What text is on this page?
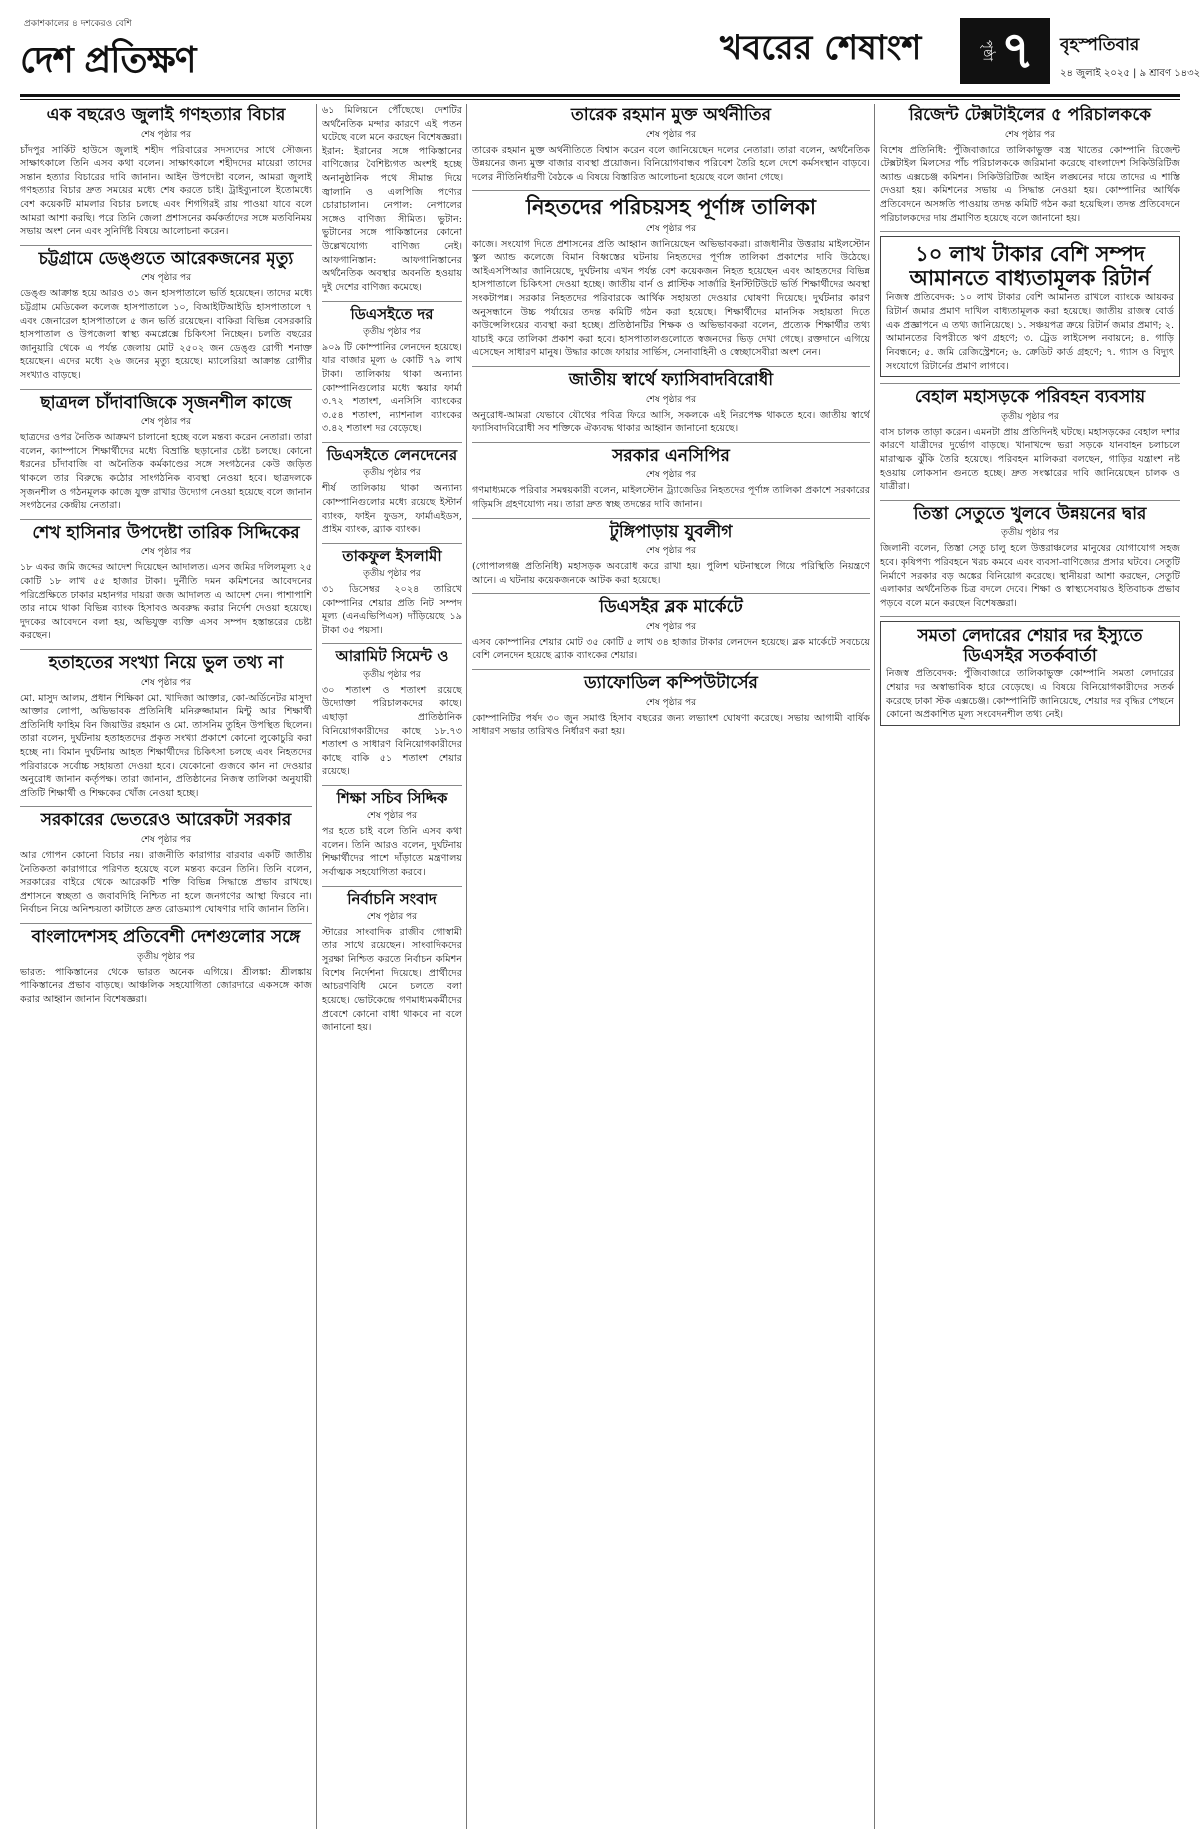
প্রকাশকালের ৪ দশকেরও বেশি
দেশ প্রতিক্ষণ	খবরের শেষাংশ	পৃষ্ঠা ৭ বৃহস্পতিবার
২৪ জুলাই ২০২৫ | ৯ শ্রাবণ ১৪৩২
এক বছরেও জুলাই গণহত্যার বিচার
শেষ পৃষ্ঠার পর

চাঁদপুর সার্কিট হাউসে জুলাই শহীদ পরিবারের সদস্যদের সাথে সৌজন্য সাক্ষাৎকালে তিনি এসব কথা বলেন। সাক্ষাৎকালে শহীদদের মায়েরা তাদের সন্তান হত্যার বিচারের দাবি জানান। আইন উপদেষ্টা বলেন, আমরা জুলাই গণহত্যার বিচার দ্রুত সময়ের মধ্যে শেষ করতে চাই। ট্রাইব্যুনালে ইতোমধ্যে বেশ কয়েকটি মামলার বিচার চলছে এবং শিগগিরই রায় পাওয়া যাবে বলে আমরা আশা করছি। পরে তিনি জেলা প্রশাসনের কর্মকর্তাদের সঙ্গে মতবিনিময় সভায় অংশ নেন এবং সুনির্দিষ্ট বিষয়ে আলোচনা করেন।

চট্টগ্রামে ডেঙ্গুতে আরেকজনের মৃত্যু
শেষ পৃষ্ঠার পর

ডেঙ্গু আক্রান্ত হয়ে আরও ৩১ জন হাসপাতালে ভর্তি হয়েছেন। তাদের মধ্যে চট্টগ্রাম মেডিকেল কলেজ হাসপাতালে ১০, বিআইটিআইডি হাসপাতালে ৭ এবং জেনারেল হাসপাতালে ৫ জন ভর্তি রয়েছেন। বাকিরা বিভিন্ন বেসরকারি হাসপাতাল ও উপজেলা স্বাস্থ্য কমপ্লেক্সে চিকিৎসা নিচ্ছেন। চলতি বছরের জানুয়ারি থেকে এ পর্যন্ত জেলায় মোট ২৫০২ জন ডেঙ্গু রোগী শনাক্ত হয়েছেন। এদের মধ্যে ২৬ জনের মৃত্যু হয়েছে। ম্যালেরিয়া আক্রান্ত রোগীর সংখ্যাও বাড়ছে।

ছাত্রদল চাঁদাবাজিকে সৃজনশীল কাজে
শেষ পৃষ্ঠার পর

ছাত্রদের ওপর নৈতিক আক্রমণ চালানো হচ্ছে বলে মন্তব্য করেন নেতারা। তারা বলেন, ক্যাম্পাসে শিক্ষার্থীদের মধ্যে বিভ্রান্তি ছড়ানোর চেষ্টা চলছে। কোনো ধরনের চাঁদাবাজি বা অনৈতিক কর্মকাণ্ডের সঙ্গে সংগঠনের কেউ জড়িত থাকলে তার বিরুদ্ধে কঠোর সাংগঠনিক ব্যবস্থা নেওয়া হবে। ছাত্রদলকে সৃজনশীল ও গঠনমূলক কাজে যুক্ত রাখার উদ্যোগ নেওয়া হয়েছে বলে জানান সংগঠনের কেন্দ্রীয় নেতারা।

শেখ হাসিনার উপদেষ্টা তারিক সিদ্দিকের
শেষ পৃষ্ঠার পর

১৮ একর জমি জব্দের আদেশ দিয়েছেন আদালত। এসব জমির দলিলমূল্য ২৫ কোটি ১৮ লাখ ৫৫ হাজার টাকা। দুর্নীতি দমন কমিশনের আবেদনের পরিপ্রেক্ষিতে ঢাকার মহানগর দায়রা জজ আদালত এ আদেশ দেন। পাশাপাশি তার নামে থাকা বিভিন্ন ব্যাংক হিসাবও অবরুদ্ধ করার নির্দেশ দেওয়া হয়েছে। দুদকের আবেদনে বলা হয়, অভিযুক্ত ব্যক্তি এসব সম্পদ হস্তান্তরের চেষ্টা করছেন।

হতাহতের সংখ্যা নিয়ে ভুল তথ্য না
শেষ পৃষ্ঠার পর

মো. মাসুদ আলম, প্রধান শিক্ষিকা মো. খাদিজা আক্তার, কো-অর্ডিনেটর মাসুদা আক্তার লোপা, অভিভাবক প্রতিনিধি মনিরুজ্জামান মিন্টু আর শিক্ষার্থী প্রতিনিধি ফাহিম বিন জিয়াউর রহমান ও মো. তাসনিম তুহিন উপস্থিত ছিলেন। তারা বলেন, দুর্ঘটনায় হতাহতদের প্রকৃত সংখ্যা প্রকাশে কোনো লুকোচুরি করা হচ্ছে না। বিমান দুর্ঘটনায় আহত শিক্ষার্থীদের চিকিৎসা চলছে এবং নিহতদের পরিবারকে সর্বোচ্চ সহায়তা দেওয়া হবে। যেকোনো গুজবে কান না দেওয়ার অনুরোধ জানান কর্তৃপক্ষ। তারা জানান, প্রতিষ্ঠানের নিজস্ব তালিকা অনুযায়ী প্রতিটি শিক্ষার্থী ও শিক্ষকের খোঁজ নেওয়া হচ্ছে।

সরকারের ভেতরেও আরেকটা সরকার
শেষ পৃষ্ঠার পর

আর গোপন কোনো বিচার নয়। রাজনীতি কারাগার বারবার একটি জাতীয় নৈতিকতা কারাগারে পরিণত হয়েছে বলে মন্তব্য করেন তিনি। তিনি বলেন, সরকারের বাইরে থেকে আরেকটি শক্তি বিভিন্ন সিদ্ধান্তে প্রভাব রাখছে। প্রশাসনে স্বচ্ছতা ও জবাবদিহি নিশ্চিত না হলে জনগণের আস্থা ফিরবে না। নির্বাচন নিয়ে অনিশ্চয়তা কাটাতে দ্রুত রোডম্যাপ ঘোষণার দাবি জানান তিনি।

বাংলাদেশসহ প্রতিবেশী দেশগুলোর সঙ্গে
তৃতীয় পৃষ্ঠার পর

ভারত: পাকিস্তানের থেকে ভারত অনেক এগিয়ে। শ্রীলঙ্কা: শ্রীলঙ্কায় পাকিস্তানের প্রভাব বাড়ছে। আঞ্চলিক সহযোগিতা জোরদারে একসঙ্গে কাজ করার আহ্বান জানান বিশেষজ্ঞরা।

৬১ মিলিয়নে পৌঁছেছে। দেশটির অর্থনৈতিক মন্দার কারণে এই পতন ঘটেছে বলে মনে করছেন বিশেষজ্ঞরা। ইরান: ইরানের সঙ্গে পাকিস্তানের বাণিজ্যের বৈশিষ্ট্যগত অংশই হচ্ছে অনানুষ্ঠানিক পথে সীমান্ত দিয়ে জ্বালানি ও এলপিজি পণ্যের চোরাচালান। নেপাল: নেপালের সঙ্গেও বাণিজ্য সীমিত। ভুটান: ভুটানের সঙ্গে পাকিস্তানের কোনো উল্লেখযোগ্য বাণিজ্য নেই। আফগানিস্তান: আফগানিস্তানের অর্থনৈতিক অবস্থার অবনতি হওয়ায় দুই দেশের বাণিজ্য কমেছে।

ডিএসইতে দর
তৃতীয় পৃষ্ঠার পর

৯০৯ টি কোম্পানির লেনদেন হয়েছে। যার বাজার মূল্য ৬ কোটি ৭৯ লাখ টাকা। তালিকায় থাকা অন্যান্য কোম্পানিগুলোর মধ্যে স্কয়ার ফার্মা ৩.৭২ শতাংশ, এনসিসি ব্যাংকের ৩.৫৪ শতাংশ, ন্যাশনাল ব্যাংকের ৩.৪২ শতাংশ দর বেড়েছে।

ডিএসইতে লেনদেনের
তৃতীয় পৃষ্ঠার পর

শীর্ষ তালিকায় থাকা অন্যান্য কোম্পানিগুলোর মধ্যে রয়েছে ইস্টার্ন ব্যাংক, ফাইন ফুডস, ফার্মাএইডস, প্রাইম ব্যাংক, ব্র্যাক ব্যাংক।

তাকফুল ইসলামী
তৃতীয় পৃষ্ঠার পর

৩১ ডিসেম্বর ২০২৪ তারিখে কোম্পানির শেয়ার প্রতি নিট সম্পদ মূল্য (এনএভিপিএস) দাঁড়িয়েছে ১৯ টাকা ৩৫ পয়সা।

আরামিট সিমেন্ট ও
তৃতীয় পৃষ্ঠার পর

৩০ শতাংশ ও শতাংশ রয়েছে উদ্যোক্তা পরিচালকদের কাছে। এছাড়া প্রাতিষ্ঠানিক বিনিয়োগকারীদের কাছে ১৮.৭৩ শতাংশ ও সাধারণ বিনিয়োগকারীদের কাছে বাকি ৫১ শতাংশ শেয়ার রয়েছে।

শিক্ষা সচিব সিদ্দিক
শেষ পৃষ্ঠার পর

পর হতে চাই বলে তিনি এসব কথা বলেন। তিনি আরও বলেন, দুর্ঘটনায় শিক্ষার্থীদের পাশে দাঁড়াতে মন্ত্রণালয় সর্বাত্মক সহযোগিতা করবে।

নির্বাচনি সংবাদ
শেষ পৃষ্ঠার পর

স্টারের সাংবাদিক রাজীব গোস্বামী তার সাথে রয়েছেন। সাংবাদিকদের সুরক্ষা নিশ্চিত করতে নির্বাচন কমিশন বিশেষ নির্দেশনা দিয়েছে। প্রার্থীদের আচরণবিধি মেনে চলতে বলা হয়েছে। ভোটকেন্দ্রে গণমাধ্যমকর্মীদের প্রবেশে কোনো বাধা থাকবে না বলে জানানো হয়।

তারেক রহমান মুক্ত অর্থনীতির
শেষ পৃষ্ঠার পর

তারেক রহমান মুক্ত অর্থনীতিতে বিশ্বাস করেন বলে জানিয়েছেন দলের নেতারা। তারা বলেন, অর্থনৈতিক উন্নয়নের জন্য মুক্ত বাজার ব্যবস্থা প্রয়োজন। বিনিয়োগবান্ধব পরিবেশ তৈরি হলে দেশে কর্মসংস্থান বাড়বে। দলের নীতিনির্ধারণী বৈঠকে এ বিষয়ে বিস্তারিত আলোচনা হয়েছে বলে জানা গেছে।

নিহতদের পরিচয়সহ পূর্ণাঙ্গ তালিকা
শেষ পৃষ্ঠার পর

কাজে। সংযোগ দিতে প্রশাসনের প্রতি আহ্বান জানিয়েছেন অভিভাবকরা। রাজধানীর উত্তরায় মাইলস্টোন স্কুল অ্যান্ড কলেজে বিমান বিধ্বস্তের ঘটনায় নিহতদের পূর্ণাঙ্গ তালিকা প্রকাশের দাবি উঠেছে। আইএসপিআর জানিয়েছে, দুর্ঘটনায় এখন পর্যন্ত বেশ কয়েকজন নিহত হয়েছেন এবং আহতদের বিভিন্ন হাসপাতালে চিকিৎসা দেওয়া হচ্ছে। জাতীয় বার্ন ও প্লাস্টিক সার্জারি ইনস্টিটিউটে ভর্তি শিক্ষার্থীদের অবস্থা সংকটাপন্ন। সরকার নিহতদের পরিবারকে আর্থিক সহায়তা দেওয়ার ঘোষণা দিয়েছে। দুর্ঘটনার কারণ অনুসন্ধানে উচ্চ পর্যায়ের তদন্ত কমিটি গঠন করা হয়েছে। শিক্ষার্থীদের মানসিক সহায়তা দিতে কাউন্সেলিংয়ের ব্যবস্থা করা হচ্ছে। প্রতিষ্ঠানটির শিক্ষক ও অভিভাবকরা বলেন, প্রত্যেক শিক্ষার্থীর তথ্য যাচাই করে তালিকা প্রকাশ করা হবে। হাসপাতালগুলোতে স্বজনদের ভিড় দেখা গেছে। রক্তদানে এগিয়ে এসেছেন সাধারণ মানুষ। উদ্ধার কাজে ফায়ার সার্ভিস, সেনাবাহিনী ও স্বেচ্ছাসেবীরা অংশ নেন।

জাতীয় স্বার্থে ফ্যাসিবাদবিরোধী
শেষ পৃষ্ঠার পর

অনুরোধ-আমরা যেভাবে যৌথের পবিত্র ফিরে আসি, সকলকে এই নিরপেক্ষ থাকতে হবে। জাতীয় স্বার্থে ফ্যাসিবাদবিরোধী সব শক্তিকে ঐক্যবদ্ধ থাকার আহ্বান জানানো হয়েছে।

সরকার এনসিপির
শেষ পৃষ্ঠার পর

গণমাধ্যমকে পরিবার সমন্বয়কারী বলেন, মাইলস্টোন ট্র্যাজেডির নিহতদের পূর্ণাঙ্গ তালিকা প্রকাশে সরকারের গড়িমসি গ্রহণযোগ্য নয়। তারা দ্রুত স্বচ্ছ তদন্তের দাবি জানান।

টুঙ্গিপাড়ায় যুবলীগ
শেষ পৃষ্ঠার পর

(গোপালগঞ্জ প্রতিনিধি) মহাসড়ক অবরোধ করে রাখা হয়। পুলিশ ঘটনাস্থলে গিয়ে পরিস্থিতি নিয়ন্ত্রণে আনে। এ ঘটনায় কয়েকজনকে আটক করা হয়েছে।

ডিএসইর ব্লক মার্কেটে
শেষ পৃষ্ঠার পর

এসব কোম্পানির শেয়ার মোট ৩৫ কোটি ৫ লাখ ৩৪ হাজার টাকার লেনদেন হয়েছে। ব্লক মার্কেটে সবচেয়ে বেশি লেনদেন হয়েছে ব্র্যাক ব্যাংকের শেয়ার।

ড্যাফোডিল কম্পিউটার্সের
শেষ পৃষ্ঠার পর

কোম্পানিটির পর্ষদ ৩০ জুন সমাপ্ত হিসাব বছরের জন্য লভ্যাংশ ঘোষণা করেছে। সভায় আগামী বার্ষিক সাধারণ সভার তারিখও নির্ধারণ করা হয়।

রিজেন্ট টেক্সটাইলের ৫ পরিচালককে
শেষ পৃষ্ঠার পর

বিশেষ প্রতিনিধি: পুঁজিবাজারে তালিকাভুক্ত বস্ত্র খাতের কোম্পানি রিজেন্ট টেক্সটাইল মিলসের পাঁচ পরিচালককে জরিমানা করেছে বাংলাদেশ সিকিউরিটিজ অ্যান্ড এক্সচেঞ্জ কমিশন। সিকিউরিটিজ আইন লঙ্ঘনের দায়ে তাদের এ শাস্তি দেওয়া হয়। কমিশনের সভায় এ সিদ্ধান্ত নেওয়া হয়। কোম্পানির আর্থিক প্রতিবেদনে অসঙ্গতি পাওয়ায় তদন্ত কমিটি গঠন করা হয়েছিল। তদন্ত প্রতিবেদনে পরিচালকদের দায় প্রমাণিত হয়েছে বলে জানানো হয়।

১০ লাখ টাকার বেশি সম্পদ আমানতে বাধ্যতামূলক রিটার্ন

নিজস্ব প্রতিবেদক: ১০ লাখ টাকার বেশি আমানত রাখলে ব্যাংকে আয়কর রিটার্ন জমার প্রমাণ দাখিল বাধ্যতামূলক করা হয়েছে। জাতীয় রাজস্ব বোর্ড এক প্রজ্ঞাপনে এ তথ্য জানিয়েছে। ১. সঞ্চয়পত্র ক্রয়ে রিটার্ন জমার প্রমাণ; ২. আমানতের বিপরীতে ঋণ গ্রহণে; ৩. ট্রেড লাইসেন্স নবায়নে; ৪. গাড়ি নিবন্ধনে; ৫. জমি রেজিস্ট্রেশনে; ৬. ক্রেডিট কার্ড গ্রহণে; ৭. গ্যাস ও বিদ্যুৎ সংযোগে রিটার্নের প্রমাণ লাগবে।

বেহাল মহাসড়কে পরিবহন ব্যবসায়
তৃতীয় পৃষ্ঠার পর

বাস চালক তাড়া করেন। এমনটা প্রায় প্রতিদিনই ঘটছে। মহাসড়কের বেহাল দশার কারণে যাত্রীদের দুর্ভোগ বাড়ছে। খানাখন্দে ভরা সড়কে যানবাহন চলাচলে মারাত্মক ঝুঁকি তৈরি হয়েছে। পরিবহন মালিকরা বলছেন, গাড়ির যন্ত্রাংশ নষ্ট হওয়ায় লোকসান গুনতে হচ্ছে। দ্রুত সংস্কারের দাবি জানিয়েছেন চালক ও যাত্রীরা।

তিস্তা সেতুতে খুলবে উন্নয়নের দ্বার
তৃতীয় পৃষ্ঠার পর

জিলানী বলেন, তিস্তা সেতু চালু হলে উত্তরাঞ্চলের মানুষের যোগাযোগ সহজ হবে। কৃষিপণ্য পরিবহনে খরচ কমবে এবং ব্যবসা-বাণিজ্যের প্রসার ঘটবে। সেতুটি নির্মাণে সরকার বড় অঙ্কের বিনিয়োগ করেছে। স্থানীয়রা আশা করছেন, সেতুটি এলাকার অর্থনৈতিক চিত্র বদলে দেবে। শিক্ষা ও স্বাস্থ্যসেবায়ও ইতিবাচক প্রভাব পড়বে বলে মনে করছেন বিশেষজ্ঞরা।

সমতা লেদারের শেয়ার দর ইস্যুতে ডিএসইর সতর্কবার্তা

নিজস্ব প্রতিবেদক: পুঁজিবাজারে তালিকাভুক্ত কোম্পানি সমতা লেদারের শেয়ার দর অস্বাভাবিক হারে বেড়েছে। এ বিষয়ে বিনিয়োগকারীদের সতর্ক করেছে ঢাকা স্টক এক্সচেঞ্জ। কোম্পানিটি জানিয়েছে, শেয়ার দর বৃদ্ধির পেছনে কোনো অপ্রকাশিত মূল্য সংবেদনশীল তথ্য নেই।
